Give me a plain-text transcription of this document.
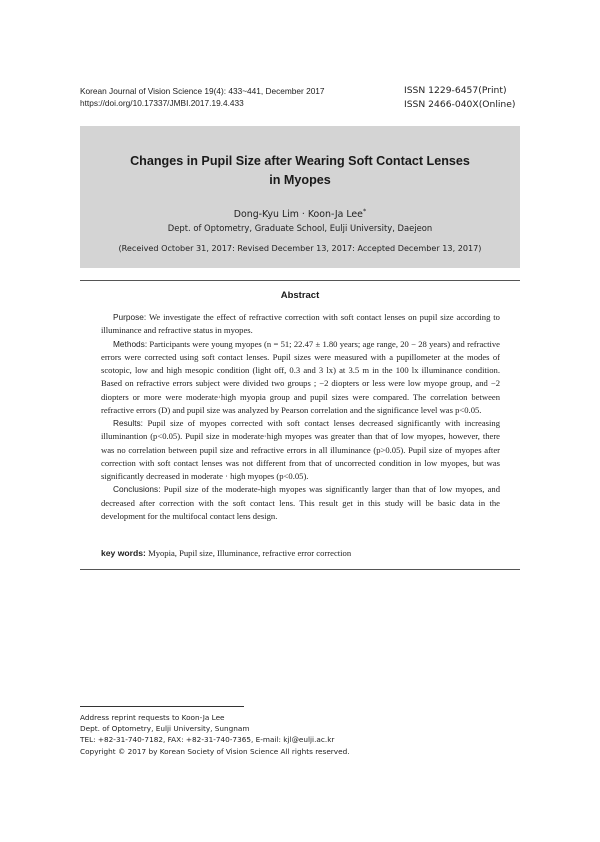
Korean Journal of Vision Science 19(4): 433~441, December 2017
https://doi.org/10.17337/JMBI.2017.19.4.433
ISSN 1229-6457(Print)
ISSN 2466-040X(Online)
Changes in Pupil Size after Wearing Soft Contact Lenses
in Myopes
Dong-Kyu Lim · Koon-Ja Lee*
Dept. of Optometry, Graduate School, Eulji University, Daejeon
(Received October 31, 2017: Revised December 13, 2017: Accepted December 13, 2017)
Abstract

Purpose: We investigate the effect of refractive correction with soft contact lenses on pupil size according to illuminance and refractive status in myopes.

Methods: Participants were young myopes (n = 51; 22.47 ± 1.80 years; age range, 20 − 28 years) and refractive errors were corrected using soft contact lenses. Pupil sizes were measured with a pupillometer at the modes of scotopic, low and high mesopic condition (light off, 0.3 and 3 lx) at 3.5 m in the 100 lx illuminance condition. Based on refractive errors subject were divided two groups ; −2 diopters or less were low myope group, and −2 diopters or more were moderate·high myopia group and pupil sizes were compared. The correlation between refractive errors (D) and pupil size was analyzed by Pearson correlation and the significance level was p<0.05.

Results: Pupil size of myopes corrected with soft contact lenses decreased significantly with increasing illuminantion (p<0.05). Pupil size in moderate·high myopes was greater than that of low myopes, however, there was no correlation between pupil size and refractive errors in all illuminance (p>0.05). Pupil size of myopes after correction with soft contact lenses was not different from that of uncorrected condition in low myopes, but was significantly decreased in moderate · high myopes (p<0.05).

Conclusions: Pupil size of the moderate-high myopes was significantly larger than that of low myopes, and decreased after correction with the soft contact lens. This result get in this study will be basic data in the development for the multifocal contact lens design.

key words: Myopia, Pupil size, Illuminance, refractive error correction
Address reprint requests to Koon-Ja Lee
Dept. of Optometry, Eulji University, Sungnam
TEL: +82-31-740-7182, FAX: +82-31-740-7365, E-mail: kjl@eulji.ac.kr
Copyright © 2017 by Korean Society of Vision Science All rights reserved.
